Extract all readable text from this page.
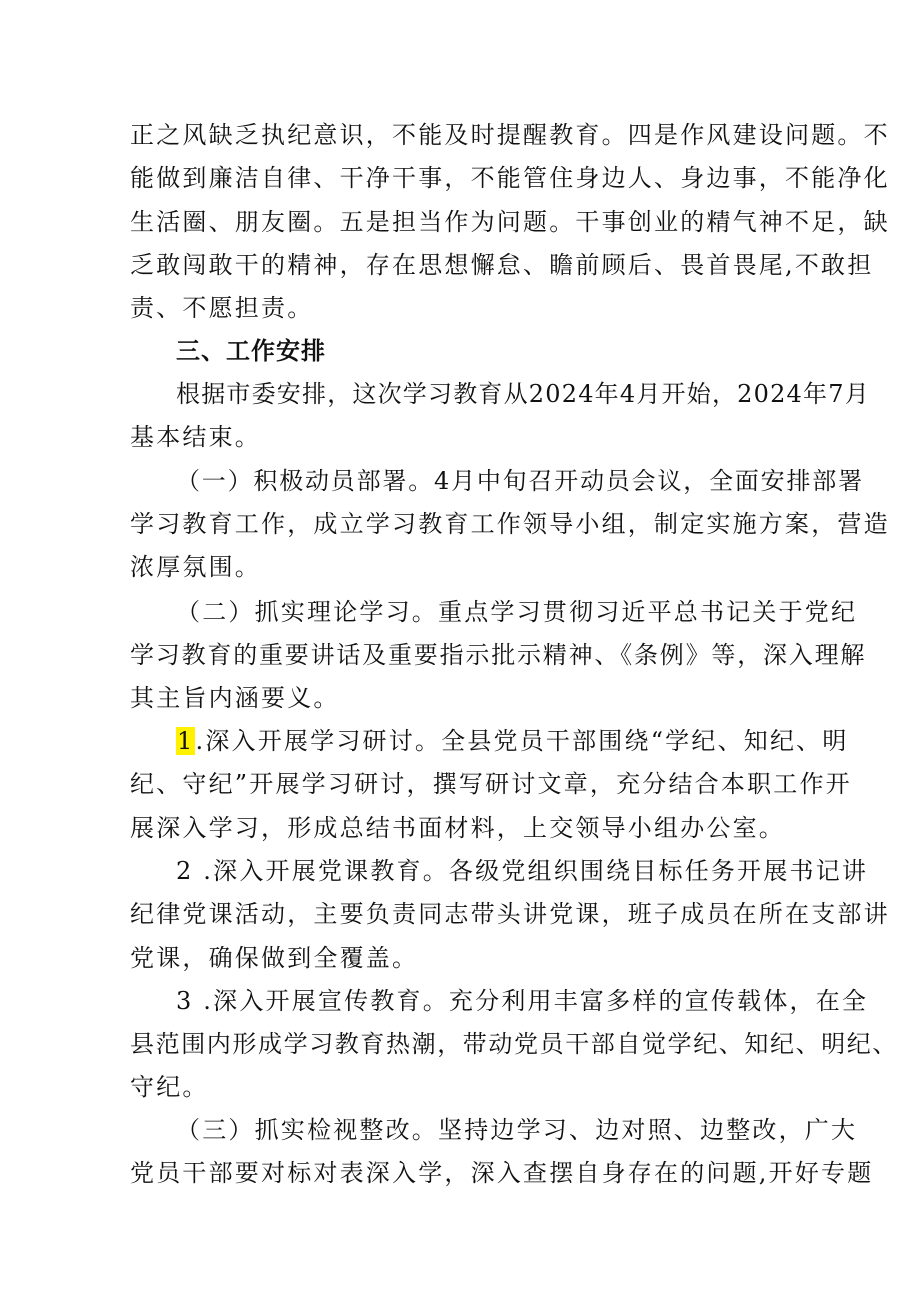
正之风缺乏执纪意识，不能及时提醒教育。四是作风建设问题。不
能做到廉洁自律、干净干事，不能管住身边人、身边事，不能净化
生活圈、朋友圈。五是担当作为问题。干事创业的精气神不足，缺
乏敢闯敢干的精神，存在思想懈怠、瞻前顾后、畏首畏尾,不敢担
责、不愿担责。
三、工作安排
根据市委安排，这次学习教育从2024年4月开始，2024年7月
基本结束。
（一）积极动员部署。4月中旬召开动员会议，全面安排部署
学习教育工作，成立学习教育工作领导小组，制定实施方案，营造
浓厚氛围。
（二）抓实理论学习。重点学习贯彻习近平总书记关于党纪
学习教育的重要讲话及重要指示批示精神、《条例》等，深入理解
其主旨内涵要义。
1.深入开展学习研讨。全县党员干部围绕“学纪、知纪、明
纪、守纪”开展学习研讨，撰写研讨文章，充分结合本职工作开
展深入学习，形成总结书面材料，上交领导小组办公室。
2 .深入开展党课教育。各级党组织围绕目标任务开展书记讲
纪律党课活动，主要负责同志带头讲党课，班子成员在所在支部讲
党课，确保做到全覆盖。
3 .深入开展宣传教育。充分利用丰富多样的宣传载体，在全
县范围内形成学习教育热潮，带动党员干部自觉学纪、知纪、明纪、
守纪。
（三）抓实检视整改。坚持边学习、边对照、边整改，广大
党员干部要对标对表深入学，深入查摆自身存在的问题,开好专题
